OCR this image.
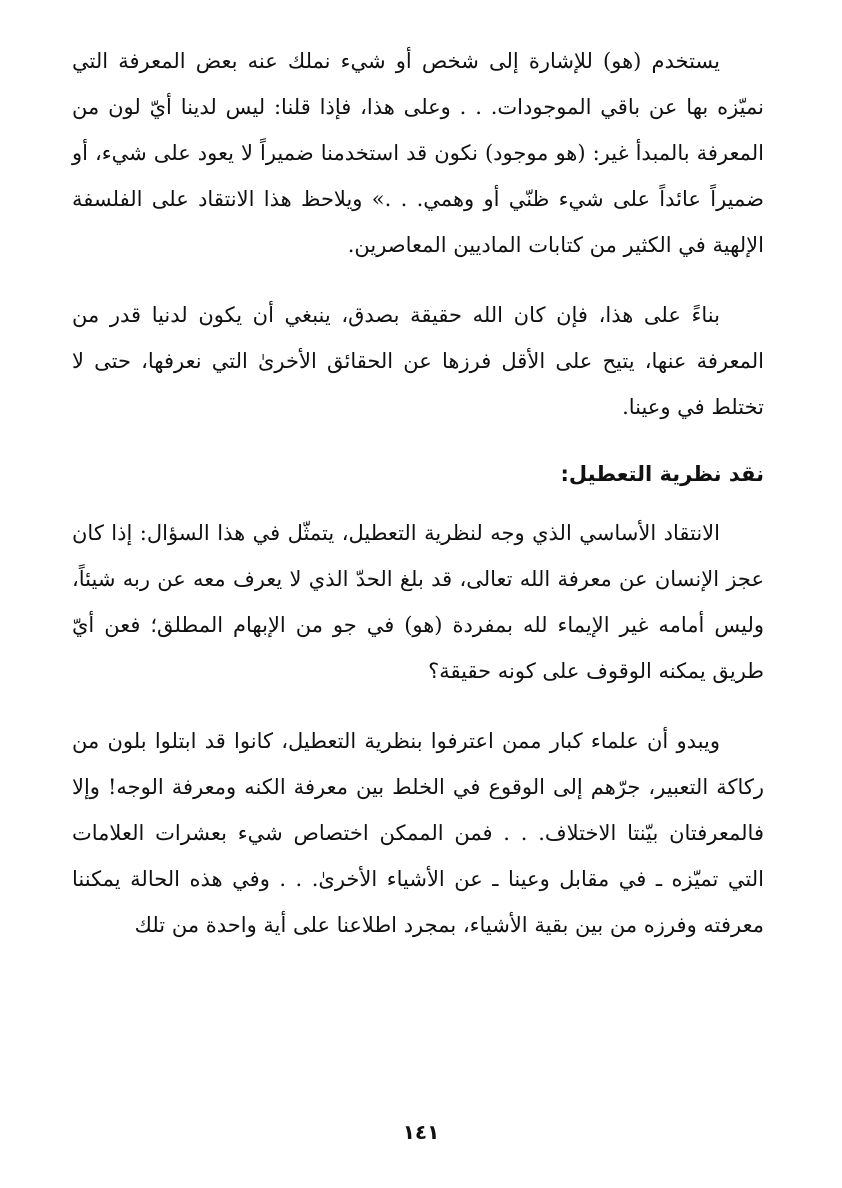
يستخدم (هو) للإشارة إلى شخص أو شيء نملك عنه بعض المعرفة التي نميّزه بها عن باقي الموجودات. . . وعلى هذا، فإذا قلنا: ليس لدينا أيّ لون من المعرفة بالمبدأ غير: (هو موجود) نكون قد استخدمنا ضميراً لا يعود على شيء، أو ضميراً عائداً على شيء ظنّي أو وهمي. . .» ويلاحظ هذا الانتقاد على الفلسفة الإلهية في الكثير من كتابات الماديين المعاصرين.

بناءً على هذا، فإن كان الله حقيقة بصدق، ينبغي أن يكون لدنيا قدر من المعرفة عنها، يتيح على الأقل فرزها عن الحقائق الأخرىٰ التي نعرفها، حتى لا تختلط في وعينا.

نقد نظرية التعطيل:

الانتقاد الأساسي الذي وجه لنظرية التعطيل، يتمثّل في هذا السؤال: إذا كان عجز الإنسان عن معرفة الله تعالى، قد بلغ الحدّ الذي لا يعرف معه عن ربه شيئاً، وليس أمامه غير الإيماء لله بمفردة (هو) في جو من الإبهام المطلق؛ فعن أيّ طريق يمكنه الوقوف على كونه حقيقة؟

ويبدو أن علماء كبار ممن اعترفوا بنظرية التعطيل، كانوا قد ابتلوا بلون من ركاكة التعبير، جرّهم إلى الوقوع في الخلط بين معرفة الكنه ومعرفة الوجه! وإلا فالمعرفتان بيّنتا الاختلاف. . . فمن الممكن اختصاص شيء بعشرات العلامات التي تميّزه ـ في مقابل وعينا ـ عن الأشياء الأخرىٰ. . . وفي هذه الحالة يمكننا معرفته وفرزه من بين بقية الأشياء، بمجرد اطلاعنا على أية واحدة من تلك

١٤١
